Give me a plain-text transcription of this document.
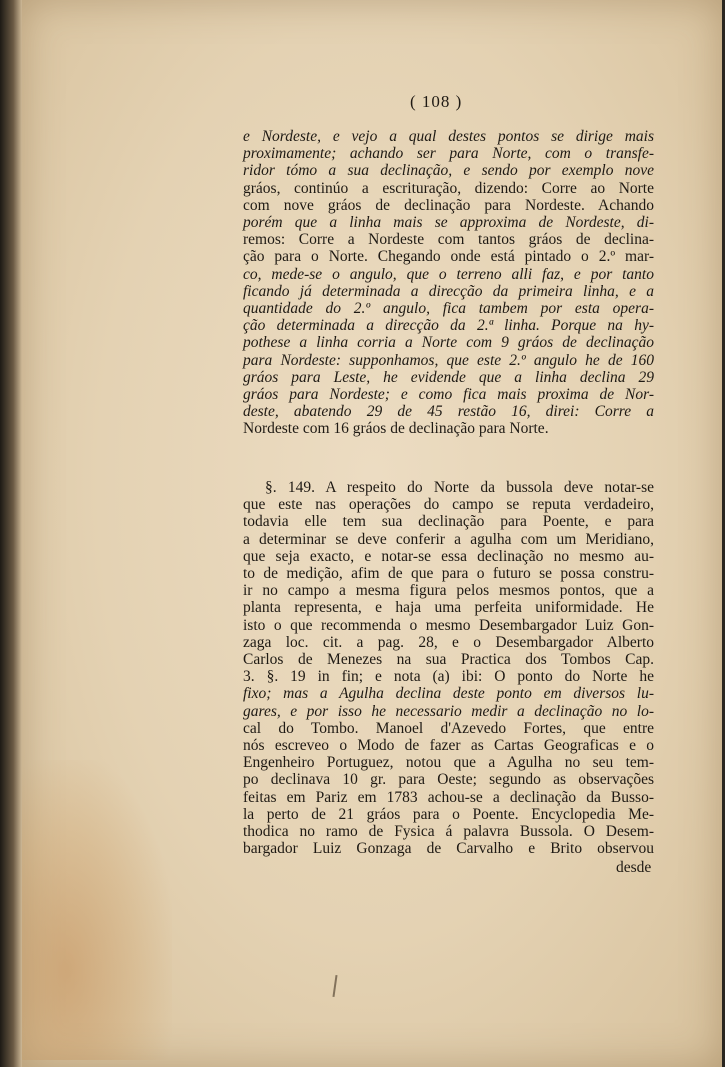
( 108 )
e Nordeste, e vejo a qual destes pontos se dirige mais
proximamente; achando ser para Norte, com o transfe-
ridor tómo a sua declinação, e sendo por exemplo nove
gráos, continúo a escrituração, dizendo: Corre ao Norte
com nove gráos de declinação para Nordeste. Achando
porém que a linha mais se approxima de Nordeste, di-
remos: Corre a Nordeste com tantos gráos de declina-
ção para o Norte. Chegando onde está pintado o 2.º mar-
co, mede-se o angulo, que o terreno alli faz, e por tanto
ficando já determinada a direcção da primeira linha, e a
quantidade do 2.º angulo, fica tambem por esta opera-
ção determinada a direcção da 2.ª linha. Porque na hy-
pothese a linha corria a Norte com 9 gráos de declinação
para Nordeste: supponhamos, que este 2.º angulo he de 160
gráos para Leste, he evidende que a linha declina 29
gráos para Nordeste; e como fica mais proxima de Nor-
deste, abatendo 29 de 45 restão 16, direi: Corre a
Nordeste com 16 gráos de declinação para Norte.
§. 149. A respeito do Norte da bussola deve notar-se
que este nas operações do campo se reputa verdadeiro,
todavia elle tem sua declinação para Poente, e para
a determinar se deve conferir a agulha com um Meridiano,
que seja exacto, e notar-se essa declinação no mesmo au-
to de medição, afim de que para o futuro se possa constru-
ir no campo a mesma figura pelos mesmos pontos, que a
planta representa, e haja uma perfeita uniformidade. He
isto o que recommenda o mesmo Desembargador Luiz Gon-
zaga loc. cit. a pag. 28, e o Desembargador Alberto
Carlos de Menezes na sua Practica dos Tombos Cap.
3. §. 19 in fin; e nota (a) ibi: O ponto do Norte he
fixo; mas a Agulha declina deste ponto em diversos lu-
gares, e por isso he necessario medir a declinação no lo-
cal do Tombo. Manoel d'Azevedo Fortes, que entre
nós escreveo o Modo de fazer as Cartas Geograficas e o
Engenheiro Portuguez, notou que a Agulha no seu tem-
po declinava 10 gr. para Oeste; segundo as observações
feitas em Pariz em 1783 achou-se a declinação da Busso-
la perto de 21 gráos para o Poente. Encyclopedia Me-
thodica no ramo de Fysica á palavra Bussola. O Desem-
bargador Luiz Gonzaga de Carvalho e Brito observou
desde
